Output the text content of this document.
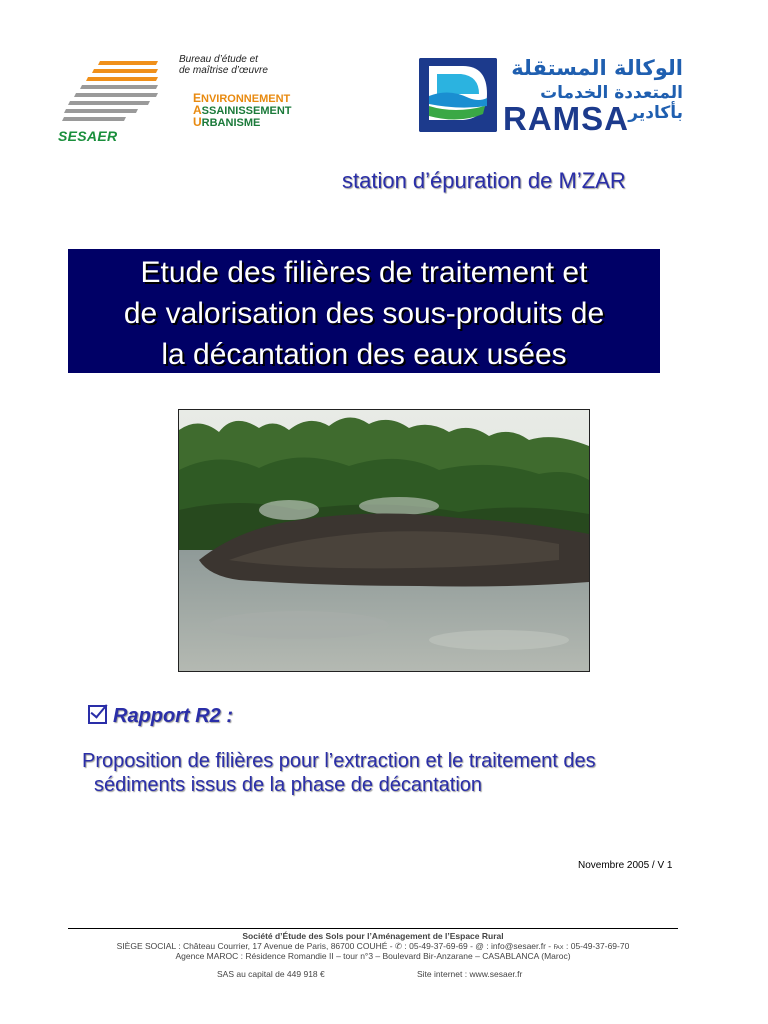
SESAER
Bureau d’étude et
de maîtrise d’œuvre
ENVIRONNEMENT
ASSAINISSEMENT
URBANISME
الوكالة المستقلة
المتعددة الخدمات بأكادير
RAMSA
station d’épuration de M’ZAR
Etude des filières de traitement et
de valorisation des sous-produits de
la décantation des eaux usées
Rapport R2 :
Proposition de filières pour l’extraction et le traitement des
sédiments issus de la phase de décantation
Novembre 2005 / V 1
Société d’Étude des Sols pour l’Aménagement de l’Espace Rural
SIÈGE SOCIAL : Château Courrier, 17 Avenue de Paris, 86700 COUHÉ - ✆ : 05-49-37-69-69 - @ : info@sesaer.fr - ℻ : 05-49-37-69-70
Agence MAROC : Résidence Romandie II – tour n°3 – Boulevard Bir-Anzarane – CASABLANCA (Maroc)
SAS au capital de 449 918 €	Site internet : www.sesaer.fr
